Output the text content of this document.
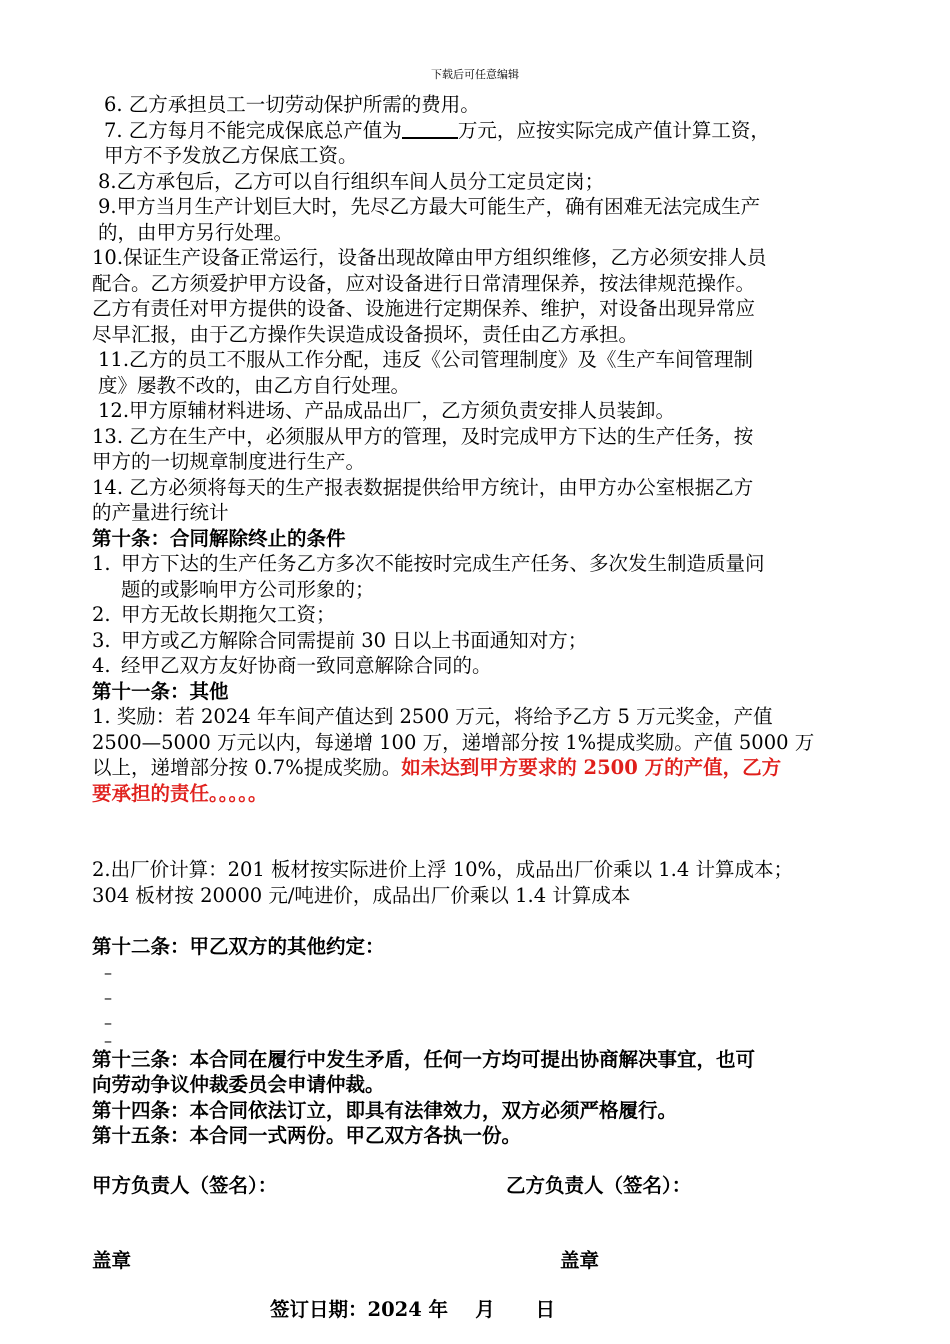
下载后可任意编辑

6. 乙方承担员工一切劳动保护所需的费用。

7. 乙方每月不能完成保底总产值为	万元，应按实际完成产值计算工资，

甲方不予发放乙方保底工资。

8.乙方承包后，乙方可以自行组织车间人员分工定员定岗；

9.甲方当月生产计划巨大时，先尽乙方最大可能生产，确有困难无法完成生产

的，由甲方另行处理。

10.保证生产设备正常运行，设备出现故障由甲方组织维修，乙方必须安排人员

配合。乙方须爱护甲方设备，应对设备进行日常清理保养，按法律规范操作。

乙方有责任对甲方提供的设备、设施进行定期保养、维护，对设备出现异常应

尽早汇报，由于乙方操作失误造成设备损坏，责任由乙方承担。

11.乙方的员工不服从工作分配，违反《公司管理制度》及《生产车间管理制

度》屡教不改的，由乙方自行处理。

12.甲方原辅材料进场、产品成品出厂，乙方须负责安排人员装卸。

13. 乙方在生产中，必须服从甲方的管理，及时完成甲方下达的生产任务，按

甲方的一切规章制度进行生产。

14. 乙方必须将每天的生产报表数据提供给甲方统计，由甲方办公室根据乙方

的产量进行统计

第十条：合同解除终止的条件

1. 甲方下达的生产任务乙方多次不能按时完成生产任务、多次发生制造质量问

题的或影响甲方公司形象的；

2. 甲方无故长期拖欠工资；

3. 甲方或乙方解除合同需提前 30 日以上书面通知对方；

4. 经甲乙双方友好协商一致同意解除合同的。

第十一条：其他

1. 奖励：若 2024 年车间产值达到 2500 万元，将给予乙方 5 万元奖金，产值

2500—5000 万元以内，每递增 100 万，递增部分按 1%提成奖励。产值 5000 万

以上，递增部分按 0.7%提成奖励。如未达到甲方要求的 2500 万的产值，乙方

要承担的责任。。。。。

2.出厂价计算：201 板材按实际进价上浮 10%，成品出厂价乘以 1.4 计算成本；

304 板材按 20000 元/吨进价，成品出厂价乘以 1.4 计算成本

第十二条：甲乙双方的其他约定：

–

–

–

–

第十三条：本合同在履行中发生矛盾，任何一方均可提出协商解决事宜，也可

向劳动争议仲裁委员会申请仲裁。

第十四条：本合同依法订立，即具有法律效力，双方必须严格履行。

第十五条：本合同一式两份。甲乙双方各执一份。

甲方负责人（签名）：	乙方负责人（签名）：
盖章	盖章
签订日期：2024 年    月      日
